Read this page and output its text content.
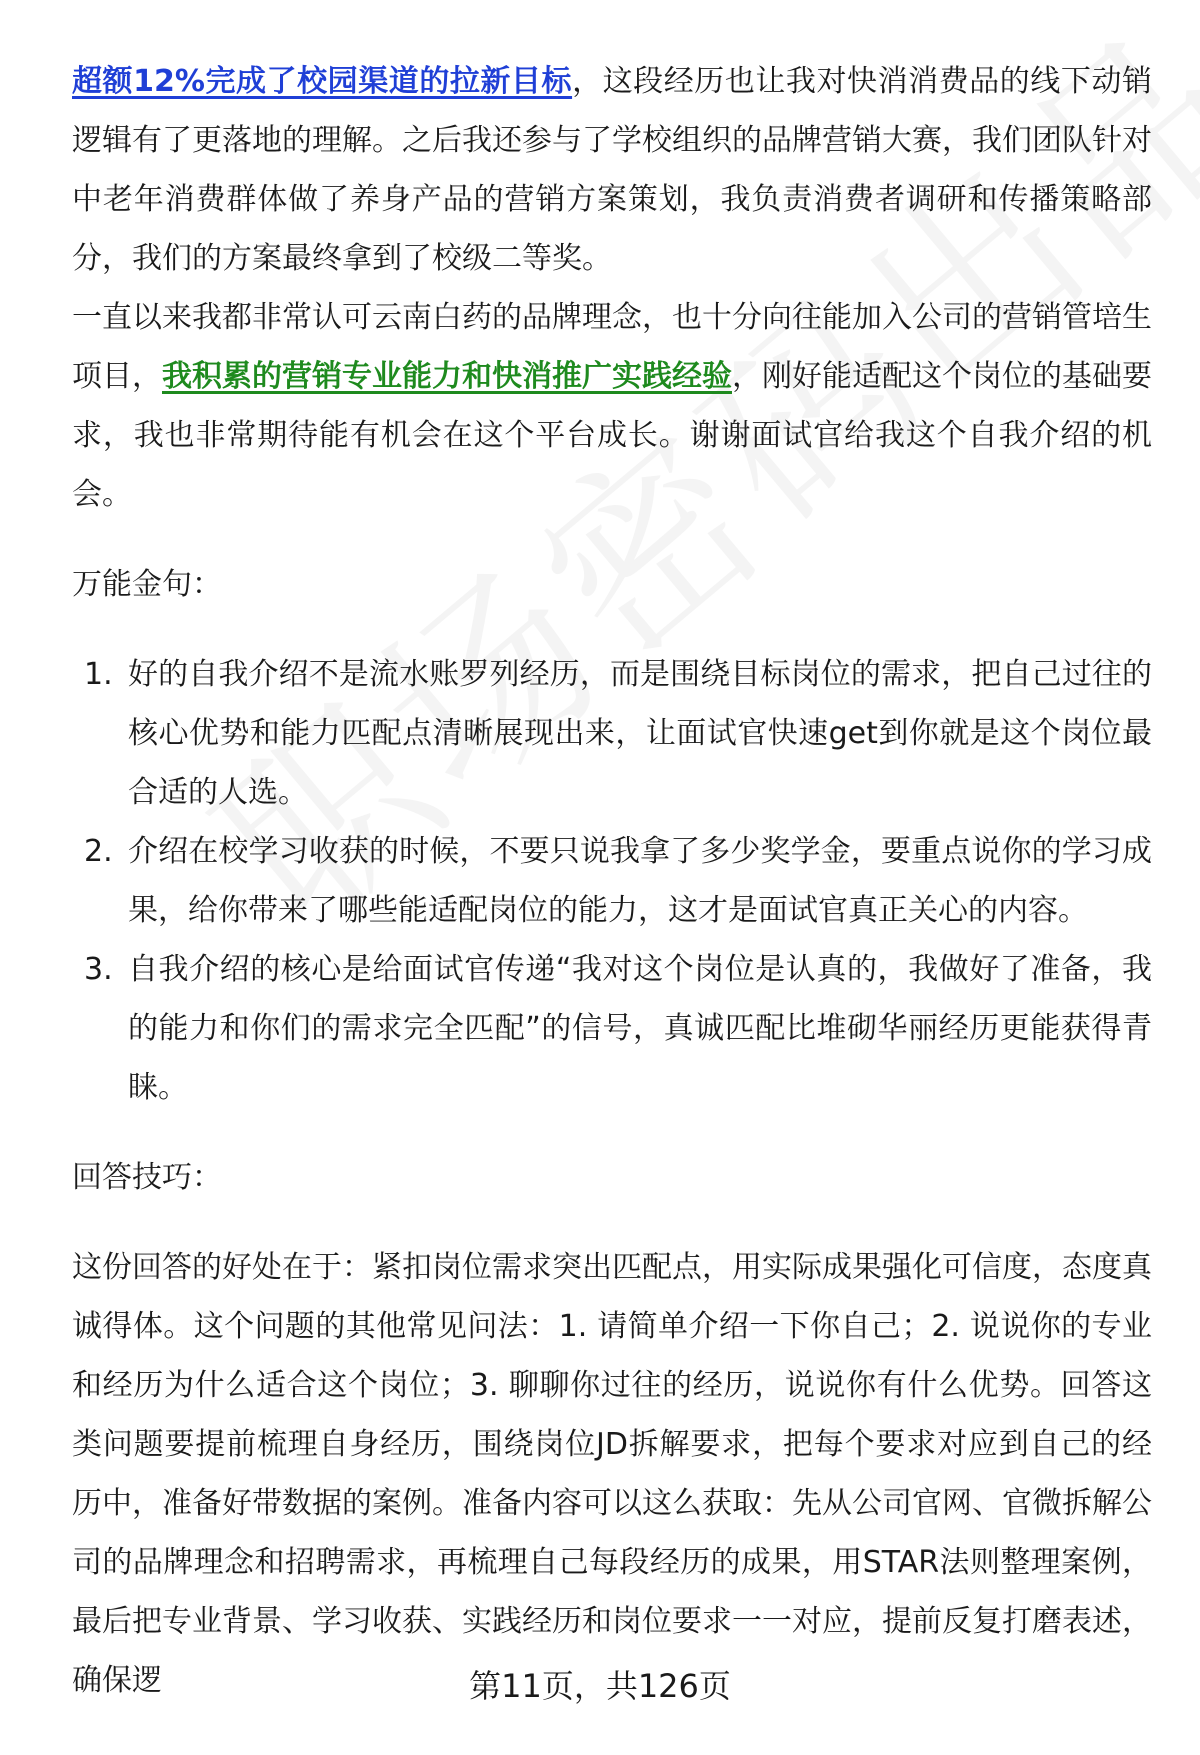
超额12%完成了校园渠道的拉新目标，这段经历也让我对快消消费品的线下动销逻辑有了更落地的理解。之后我还参与了学校组织的品牌营销大赛，我们团队针对中老年消费群体做了养身产品的营销方案策划，我负责消费者调研和传播策略部分，我们的方案最终拿到了校级二等奖。

一直以来我都非常认可云南白药的品牌理念，也十分向往能加入公司的营销管培生项目，我积累的营销专业能力和快消推广实践经验，刚好能适配这个岗位的基础要求，我也非常期待能有机会在这个平台成长。谢谢面试官给我这个自我介绍的机会。

万能金句：
1. 好的自我介绍不是流水账罗列经历，而是围绕目标岗位的需求，把自己过往的核心优势和能力匹配点清晰展现出来，让面试官快速get到你就是这个岗位最合适的人选。
2. 介绍在校学习收获的时候，不要只说我拿了多少奖学金，要重点说你的学习成果，给你带来了哪些能适配岗位的能力，这才是面试官真正关心的内容。
3. 自我介绍的核心是给面试官传递“我对这个岗位是认真的，我做好了准备，我的能力和你们的需求完全匹配”的信号，真诚匹配比堆砌华丽经历更能获得青睐。
回答技巧：

这份回答的好处在于：紧扣岗位需求突出匹配点，用实际成果强化可信度，态度真诚得体。这个问题的其他常见问法：1. 请简单介绍一下你自己；2. 说说你的专业和经历为什么适合这个岗位；3. 聊聊你过往的经历，说说你有什么优势。回答这类问题要提前梳理自身经历，围绕岗位JD拆解要求，把每个要求对应到自己的经历中，准备好带数据的案例。准备内容可以这么获取：先从公司官网、官微拆解公司的品牌理念和招聘需求，再梳理自己每段经历的成果，用STAR法则整理案例，最后把专业背景、学习收获、实践经历和岗位要求一一对应，提前反复打磨表述，确保逻	第11页，共126页
